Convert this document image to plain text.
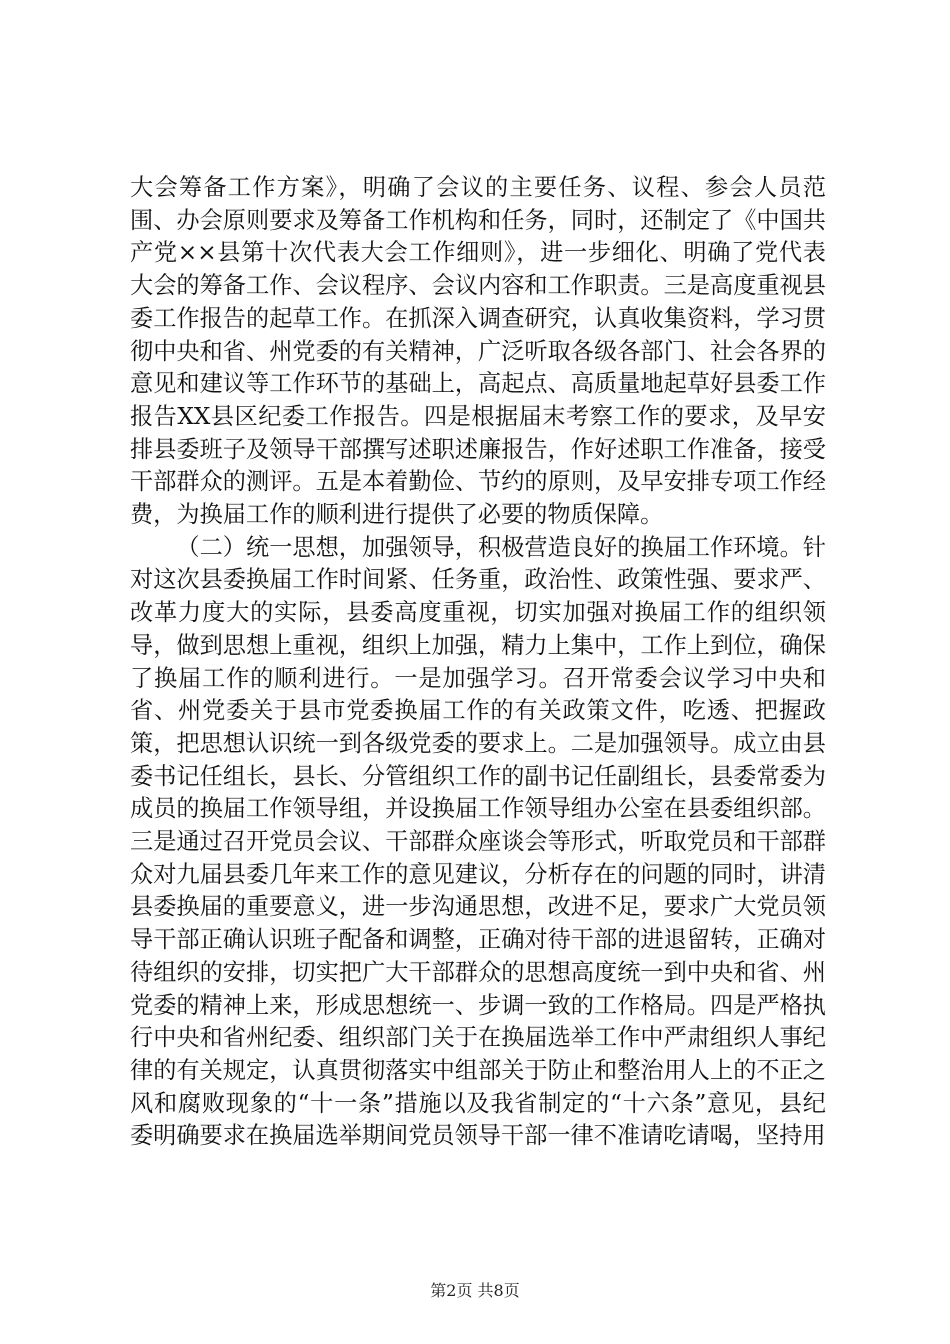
大会筹备工作方案》，明确了会议的主要任务、议程、参会人员范围、办会原则要求及筹备工作机构和任务，同时，还制定了《中国共产党××县第十次代表大会工作细则》，进一步细化、明确了党代表大会的筹备工作、会议程序、会议内容和工作职责。三是高度重视县委工作报告的起草工作。在抓深入调查研究，认真收集资料，学习贯彻中央和省、州党委的有关精神，广泛听取各级各部门、社会各界的意见和建议等工作环节的基础上，高起点、高质量地起草好县委工作报告XX县区纪委工作报告。四是根据届末考察工作的要求，及早安排县委班子及领导干部撰写述职述廉报告，作好述职工作准备，接受干部群众的测评。五是本着勤俭、节约的原则，及早安排专项工作经费，为换届工作的顺利进行提供了必要的物质保障。

（二）统一思想，加强领导，积极营造良好的换届工作环境。针对这次县委换届工作时间紧、任务重，政治性、政策性强、要求严、改革力度大的实际，县委高度重视，切实加强对换届工作的组织领导，做到思想上重视，组织上加强，精力上集中，工作上到位，确保了换届工作的顺利进行。一是加强学习。召开常委会议学习中央和省、州党委关于县市党委换届工作的有关政策文件，吃透、把握政策，把思想认识统一到各级党委的要求上。二是加强领导。成立由县委书记任组长，县长、分管组织工作的副书记任副组长，县委常委为成员的换届工作领导组，并设换届工作领导组办公室在县委组织部。三是通过召开党员会议、干部群众座谈会等形式，听取党员和干部群众对九届县委几年来工作的意见建议，分析存在的问题的同时，讲清县委换届的重要意义，进一步沟通思想，改进不足，要求广大党员领导干部正确认识班子配备和调整，正确对待干部的进退留转，正确对待组织的安排，切实把广大干部群众的思想高度统一到中央和省、州党委的精神上来，形成思想统一、步调一致的工作格局。四是严格执行中央和省州纪委、组织部门关于在换届选举工作中严肃组织人事纪律的有关规定，认真贯彻落实中组部关于防止和整治用人上的不正之风和腐败现象的“十一条”措施以及我省制定的“十六条”意见，县纪委明确要求在换届选举期间党员领导干部一律不准请吃请喝，坚持用

第2页 共8页
